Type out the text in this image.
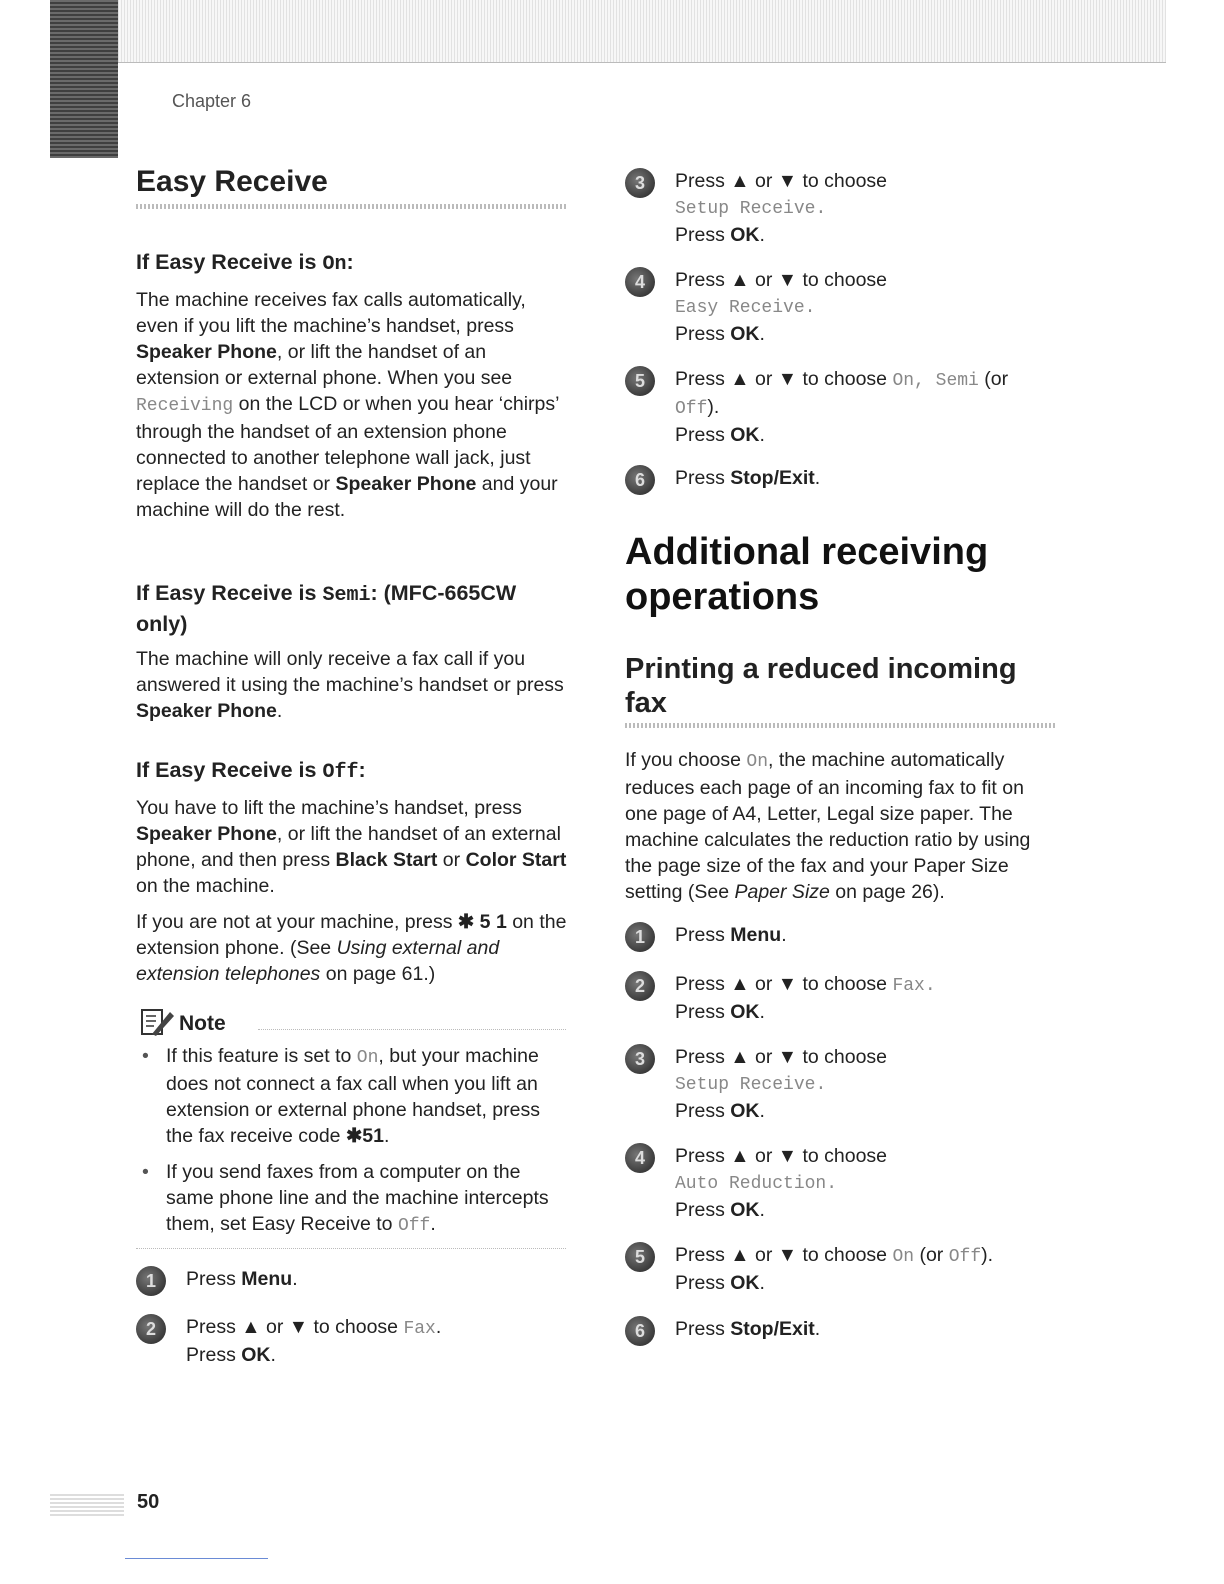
Chapter 6
Easy Receive
If Easy Receive is On:

The machine receives fax calls automatically, even if you lift the machine’s handset, press Speaker Phone, or lift the handset of an extension or external phone. When you see Receiving on the LCD or when you hear ‘chirps’ through the handset of an extension phone connected to another telephone wall jack, just replace the handset or Speaker Phone and your machine will do the rest.

If Easy Receive is Semi: (MFC-665CW only)

The machine will only receive a fax call if you answered it using the machine’s handset or press Speaker Phone.

If Easy Receive is Off:

You have to lift the machine’s handset, press Speaker Phone, or lift the handset of an external phone, and then press Black Start or Color Start on the machine.

If you are not at your machine, press ✱ 5 1 on the extension phone. (See Using external and extension telephones on page 61.)

Note
• If this feature is set to On, but your machine does not connect a fax call when you lift an extension or external phone handset, press the fax receive code ✱51.
• If you send faxes from a computer on the same phone line and the machine intercepts them, set Easy Receive to Off.
1	Press Menu.
2	Press ▲ or ▼ to choose Fax.
Press OK.
3	Press ▲ or ▼ to choose
Setup Receive.
Press OK.
4	Press ▲ or ▼ to choose
Easy Receive.
Press OK.
5	Press ▲ or ▼ to choose On, Semi (or
Off).
Press OK.
6	Press Stop/Exit.
Additional receiving operations
Printing a reduced incoming fax

If you choose On, the machine automatically reduces each page of an incoming fax to fit on one page of A4, Letter, Legal size paper. The machine calculates the reduction ratio by using the page size of the fax and your Paper Size setting (See Paper Size on page 26).

1	Press Menu.
2	Press ▲ or ▼ to choose Fax.
Press OK.
3	Press ▲ or ▼ to choose
Setup Receive.
Press OK.
4	Press ▲ or ▼ to choose
Auto Reduction.
Press OK.
5	Press ▲ or ▼ to choose On (or Off).
Press OK.
6	Press Stop/Exit.
50
